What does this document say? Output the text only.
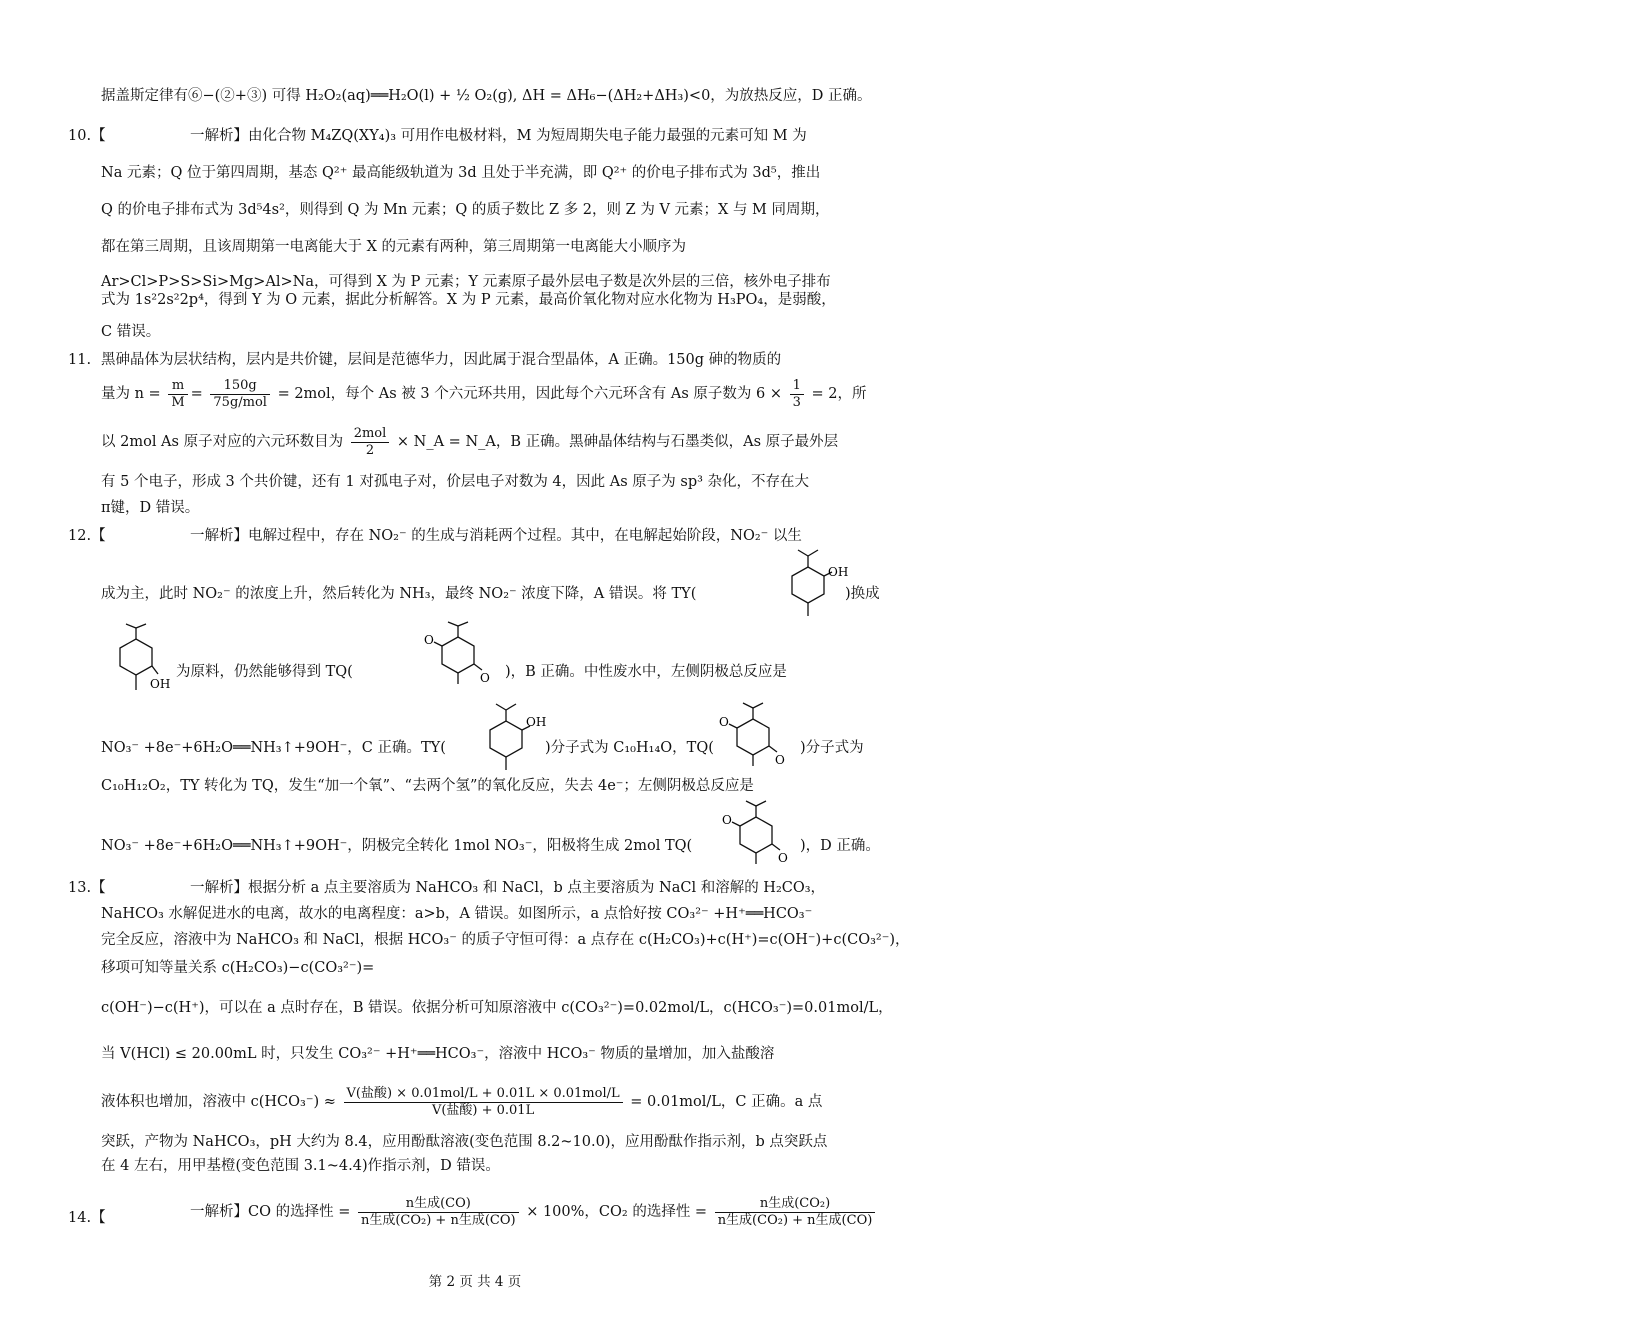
据盖斯定律有⑥−(②+③) 可得 H₂O₂(aq)══H₂O(l) + ½ O₂(g), ΔH = ΔH₆−(ΔH₂+ΔH₃)<0，为放热反应，D 正确。
10.【	一解析】由化合物 M₄ZQ(XY₄)₃ 可用作电极材料，M 为短周期失电子能力最强的元素可知 M 为
Na 元素；Q 位于第四周期，基态 Q²⁺ 最高能级轨道为 3d 且处于半充满，即 Q²⁺ 的价电子排布式为 3d⁵，推出
Q 的价电子排布式为 3d⁵4s²，则得到 Q 为 Mn 元素；Q 的质子数比 Z 多 2，则 Z 为 V 元素；X 与 M 同周期，
都在第三周期，且该周期第一电离能大于 X 的元素有两种，第三周期第一电离能大小顺序为
Ar>Cl>P>S>Si>Mg>Al>Na，可得到 X 为 P 元素；Y 元素原子最外层电子数是次外层的三倍，核外电子排布
式为 1s²2s²2p⁴，得到 Y 为 O 元素，据此分析解答。X 为 P 元素，最高价氧化物对应水化物为 H₃PO₄，是弱酸，
C 错误。
11. 黑砷晶体为层状结构，层内是共价键，层间是范德华力，因此属于混合型晶体，A 正确。150g 砷的物质的
量为 $n = \frac{m}{M} = \frac{150g}{\text{75g/mol}} = 2mol$，每个 As 被 3 个六元环共用，因此每个六元环含有 As 原子数为 $6 \times \frac{1}{3} = 2$，所
以 2mol As 原子对应的六元环数目为 $\frac{\text{2mol}}{2}$ × N_A = N_A，B 正确。黑砷晶体结构与石墨类似，As 原子最外层
有 5 个电子，形成 3 个共价键，还有 1 对孤电子对，价层电子对数为 4，因此 As 原子为 sp³ 杂化，不存在大
π键，D 错误。
12.【	一解析】电解过程中，存在 NO₂⁻ 的生成与消耗两个过程。其中，在电解起始阶段，NO₂⁻ 以生
成为主，此时 NO₂⁻ 的浓度上升，然后转化为 NH₃，最终 NO₂⁻ 浓度下降，A 错误。将 TY(
OH
)换成
OH
为原料，仍然能够得到 TQ(
O
O )，B 正确。中性废水中，左侧阴极总反应是
NO₃⁻ +8e⁻+6H₂O══NH₃↑+9OH⁻，C 正确。TY(
OH
)分子式为 C₁₀H₁₄O，TQ(
O
O
)分子式为
C₁₀H₁₂O₂，TY 转化为 TQ，发生“加一个氧”、“去两个氢”的氧化反应，失去 4e⁻；左侧阴极总反应是
NO₃⁻ +8e⁻+6H₂O══NH₃↑+9OH⁻，阴极完全转化 1mol NO₃⁻，阳极将生成 2mol TQ(
O
O
)，D 正确。
13.【	一解析】根据分析 a 点主要溶质为 NaHCO₃ 和 NaCl，b 点主要溶质为 NaCl 和溶解的 H₂CO₃，
NaHCO₃ 水解促进水的电离，故水的电离程度：a>b，A 错误。如图所示，a 点恰好按 CO₃²⁻ +H⁺══HCO₃⁻
完全反应，溶液中为 NaHCO₃ 和 NaCl，根据 HCO₃⁻ 的质子守恒可得：a 点存在 c(H₂CO₃)+c(H⁺)=c(OH⁻)+c(CO₃²⁻)，
移项可知等量关系 c(H₂CO₃)−c(CO₃²⁻)=
c(OH⁻)−c(H⁺)，可以在 a 点时存在，B 错误。依据分析可知原溶液中 c(CO₃²⁻)=0.02mol/L，c(HCO₃⁻)=0.01mol/L，
当 V(HCl) ≤ 20.00mL 时，只发生 CO₃²⁻ +H⁺══HCO₃⁻，溶液中 HCO₃⁻ 物质的量增加，加入盐酸溶
液体积也增加，溶液中 $c(HCO_3^-) \approx \frac{\text{V(盐酸) × 0.01mol/L + 0.01L × 0.01mol/L}}{\text{V(盐酸) + 0.01L}} = 0.01mol/L$，C 正确。a 点
突跃，产物为 NaHCO₃，pH 大约为 8.4，应用酚酞溶液(变色范围 8.2~10.0)，应用酚酞作指示剂，b 点突跃点
在 4 左右，用甲基橙(变色范围 3.1~4.4)作指示剂，D 错误。
14.【	一解析】CO 的选择性 = $\frac{\text{n生成(CO)}}{\text{n生成(CO₂) + n生成(CO)}} \times 100\%$，CO₂ 的选择性 = $\frac{\text{n生成(CO₂)}}{\text{n生成(CO₂) + n生成(CO)}}$
第 2 页 共 4 页
